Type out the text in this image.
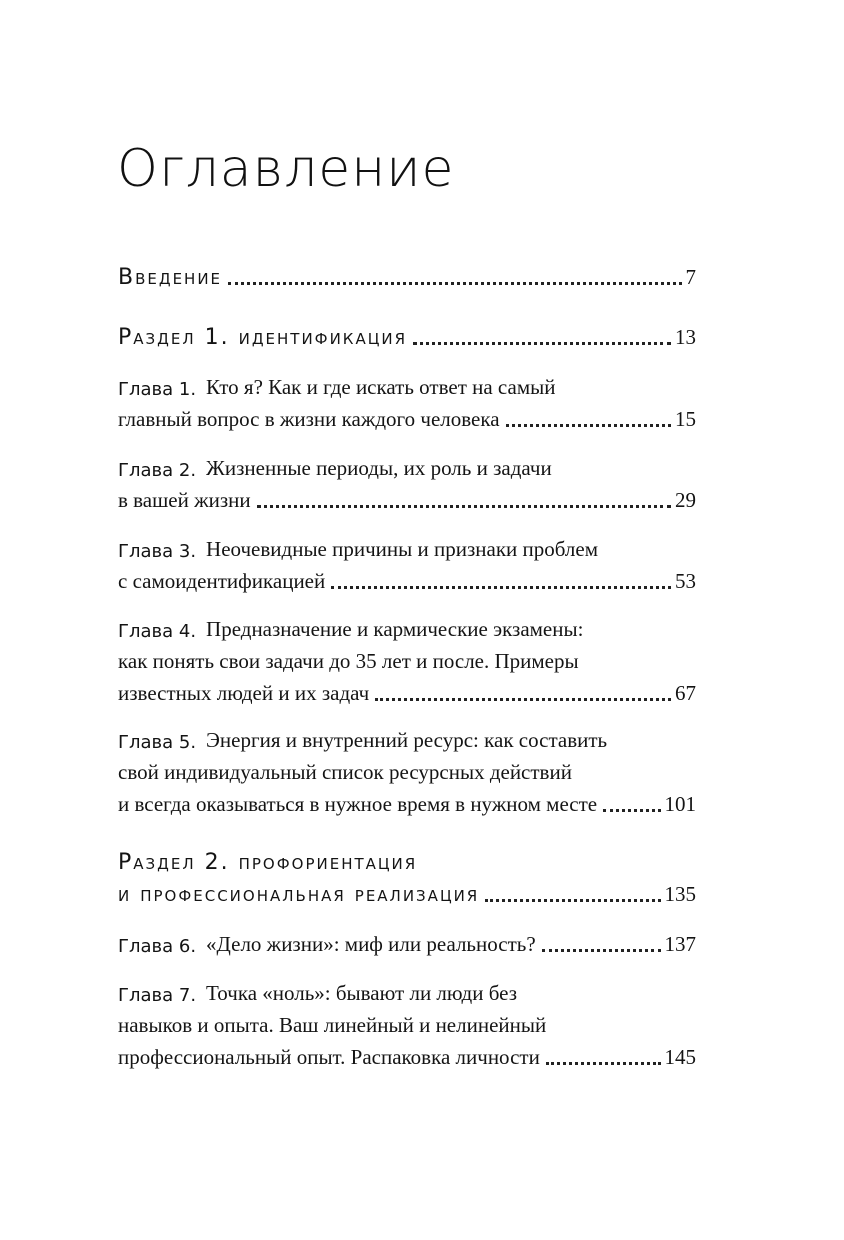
Оглавление
Введение	7
Раздел 1. идентификация	13
Глава 1. Кто я? Как и где искать ответ на самый
главный вопрос в жизни каждого человека	15
Глава 2. Жизненные периоды, их роль и задачи
в вашей жизни	29
Глава 3. Неочевидные причины и признаки проблем
с самоидентификацией	53
Глава 4. Предназначение и кармические экзамены:
как понять свои задачи до 35 лет и после. Примеры
известных людей и их задач	67
Глава 5. Энергия и внутренний ресурс: как составить
свой индивидуальный список ресурсных действий
и всегда оказываться в нужное время в нужном месте	101
Раздел 2. профориентация
и профессиональная реализация	135
Глава 6. «Дело жизни»: миф или реальность?	137
Глава 7. Точка «ноль»: бывают ли люди без
навыков и опыта. Ваш линейный и нелинейный
профессиональный опыт. Распаковка личности	145
